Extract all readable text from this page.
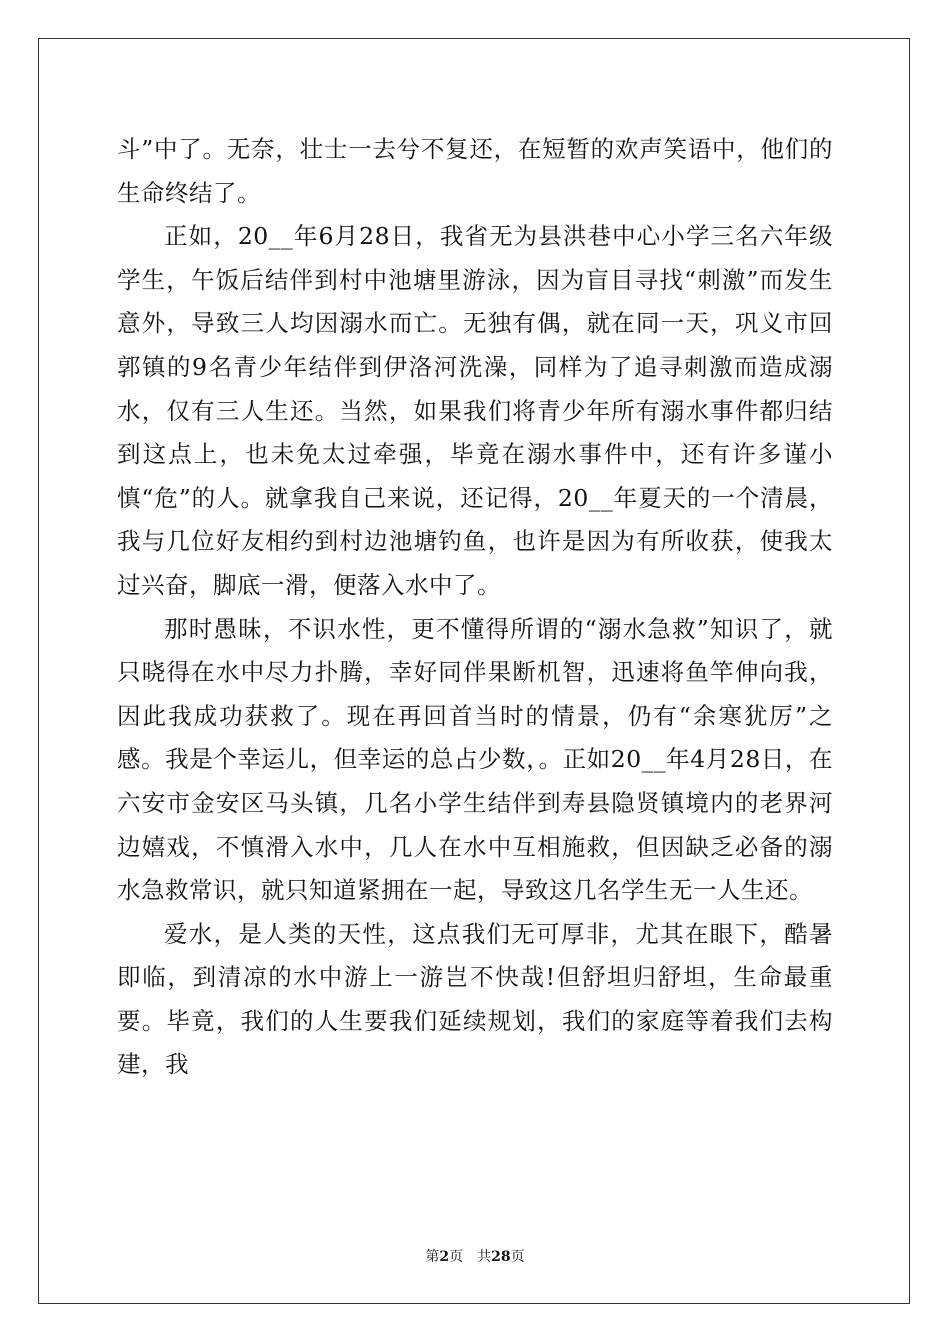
斗”中了。无奈，壮士一去兮不复还，在短暂的欢声笑语中，他们的生命终结了。

正如，20__年6月28日，我省无为县洪巷中心小学三名六年级学生，午饭后结伴到村中池塘里游泳，因为盲目寻找“刺激”而发生意外，导致三人均因溺水而亡。无独有偶，就在同一天，巩义市回郭镇的9名青少年结伴到伊洛河洗澡，同样为了追寻刺激而造成溺水，仅有三人生还。当然，如果我们将青少年所有溺水事件都归结到这点上，也未免太过牵强，毕竟在溺水事件中，还有许多谨小慎“危”的人。就拿我自己来说，还记得，20__年夏天的一个清晨，我与几位好友相约到村边池塘钓鱼，也许是因为有所收获，使我太过兴奋，脚底一滑，便落入水中了。

那时愚昧，不识水性，更不懂得所谓的“溺水急救”知识了，就只晓得在水中尽力扑腾，幸好同伴果断机智，迅速将鱼竿伸向我，因此我成功获救了。现在再回首当时的情景，仍有“余寒犹厉”之感。我是个幸运儿，但幸运的总占少数，。正如20__年4月28日，在六安市金安区马头镇，几名小学生结伴到寿县隐贤镇境内的老界河边嬉戏，不慎滑入水中，几人在水中互相施救，但因缺乏必备的溺水急救常识，就只知道紧拥在一起，导致这几名学生无一人生还。

爱水，是人类的天性，这点我们无可厚非，尤其在眼下，酷暑即临，到清凉的水中游上一游岂不快哉!但舒坦归舒坦，生命最重要。毕竟，我们的人生要我们延续规划，我们的家庭等着我们去构建，我

第2页 共28页
